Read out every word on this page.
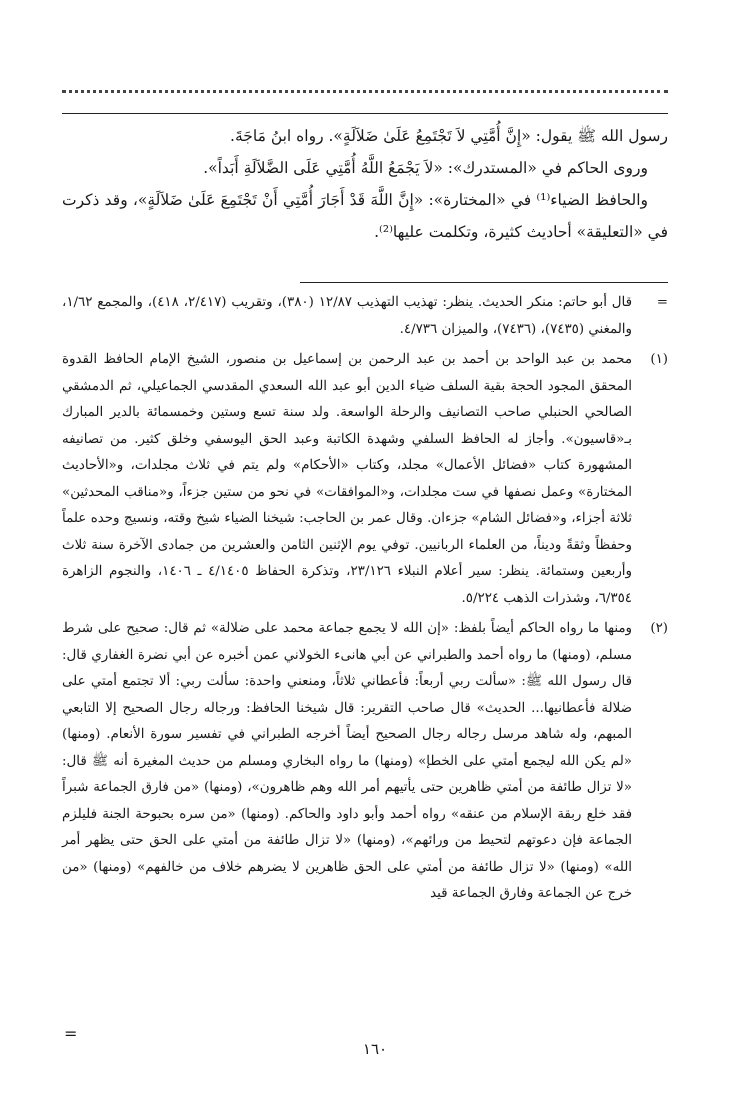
رسول الله ﷺ يقول: «إِنَّ أُمَّتِي لاَ تَجْتَمِعُ عَلَىٰ ضَلاَلَةٍ». رواه ابنُ مَاجَةَ.

وروى الحاكم في «المستدرك»: «لاَ يَجْمَعُ اللَّهُ أُمَّتِي عَلَى الضَّلاَلَةِ أَبَداً».

والحافظ الضياء⁽¹⁾ في «المختارة»: «إِنَّ اللَّهَ قَدْ أَجَارَ أُمَّتِي أَنْ تَجْتَمِعَ عَلَىٰ ضَلاَلَةٍ»، وقد ذكرت في «التعليقة» أحاديث كثيرة، وتكلمت عليها⁽²⁾.

=
قال أبو حاتم: منكر الحديث. ينظر: تهذيب التهذيب ١٢/٨٧ (٣٨٠)، وتقريب (٢/٤١٧، ٤١٨)، والمجمع ١/٦٢، والمغني (٧٤٣٥)، (٧٤٣٦)، والميزان ٤/٧٣٦.
(١)
محمد بن عبد الواحد بن أحمد بن عبد الرحمن بن إسماعيل بن منصور، الشيخ الإمام الحافظ القدوة المحقق المجود الحجة بقية السلف ضياء الدين أبو عبد الله السعدي المقدسي الجماعيلي، ثم الدمشقي الصالحي الحنبلي صاحب التصانيف والرحلة الواسعة. ولد سنة تسع وستين وخمسمائة بالدير المبارك بـ«قاسيون». وأجاز له الحافظ السلفي وشهدة الكاتبة وعبد الحق اليوسفي وخلق كثير. من تصانيفه المشهورة كتاب «فضائل الأعمال» مجلد، وكتاب «الأحكام» ولم يتم في ثلاث مجلدات، و«الأحاديث المختارة» وعمل نصفها في ست مجلدات، و«الموافقات» في نحو من ستين جزءاً، و«مناقب المحدثين» ثلاثة أجزاء، و«فضائل الشام» جزءان. وقال عمر بن الحاجب: شيخنا الضياء شيخ وقته، ونسيج وحده علماً وحفظاً وثقةً وديناً، من العلماء الربانيين. توفي يوم الإثنين الثامن والعشرين من جمادى الآخرة سنة ثلاث وأربعين وستمائة. ينظر: سير أعلام النبلاء ٢٣/١٢٦، وتذكرة الحفاظ ٤/١٤٠٥ ـ ١٤٠٦، والنجوم الزاهرة ٦/٣٥٤، وشذرات الذهب ٥/٢٢٤.
(٢)
ومنها ما رواه الحاكم أيضاً بلفظ: «إن الله لا يجمع جماعة محمد على ضلالة» ثم قال: صحيح على شرط مسلم، (ومنها) ما رواه أحمد والطبراني عن أبي هانىء الخولاني عمن أخبره عن أبي نضرة الغفاري قال: قال رسول الله ﷺ: «سألت ربي أربعاً: فأعطاني ثلاثاً، ومنعني واحدة: سألت ربي: ألا تجتمع أمتي على ضلالة فأعطانيها... الحديث» قال صاحب التقرير: قال شيخنا الحافظ: ورجاله رجال الصحيح إلا التابعي المبهم، وله شاهد مرسل رجاله رجال الصحيح أيضاً أخرجه الطبراني في تفسير سورة الأنعام. (ومنها) «لم يكن الله ليجمع أمتي على الخطإ» (ومنها) ما رواه البخاري ومسلم من حديث المغيرة أنه ﷺ قال: «لا تزال طائفة من أمتي ظاهرين حتى يأتيهم أمر الله وهم ظاهرون»، (ومنها) «من فارق الجماعة شبراً فقد خلع ربقة الإسلام من عنقه» رواه أحمد وأبو داود والحاكم. (ومنها) «من سره بحبوحة الجنة فليلزم الجماعة فإن دعوتهم لتحيط من ورائهم»، (ومنها) «لا تزال طائفة من أمتي على الحق حتى يظهر أمر الله» (ومنها) «لا تزال طائفة من أمتي على الحق ظاهرين لا يضرهم خلاف من خالفهم» (ومنها) «من خرج عن الجماعة وفارق الجماعة قيد
=
١٦٠
